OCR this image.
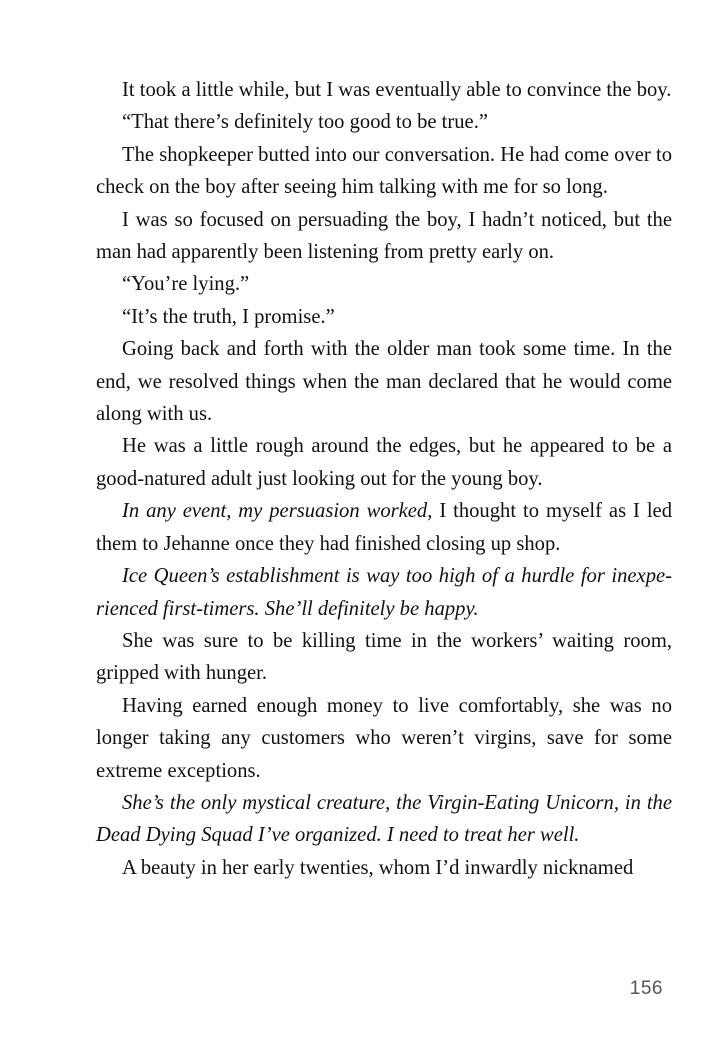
It took a little while, but I was eventually able to convince the boy.

“That there’s definitely too good to be true.”

The shopkeeper butted into our conversation. He had come over to check on the boy after seeing him talking with me for so long.

I was so focused on persuading the boy, I hadn’t noticed, but the man had apparently been listening from pretty early on.

“You’re lying.”

“It’s the truth, I promise.”

Going back and forth with the older man took some time. In the end, we resolved things when the man declared that he would come along with us.

He was a little rough around the edges, but he appeared to be a good-natured adult just looking out for the young boy.

In any event, my persuasion worked, I thought to myself as I led them to Jehanne once they had finished closing up shop.

Ice Queen’s establishment is way too high of a hurdle for inexperienced first-timers. She’ll definitely be happy.

She was sure to be killing time in the workers’ waiting room, gripped with hunger.

Having earned enough money to live comfortably, she was no longer taking any customers who weren’t virgins, save for some extreme exceptions.

She’s the only mystical creature, the Virgin-Eating Unicorn, in the Dead Dying Squad I’ve organized. I need to treat her well.

A beauty in her early twenties, whom I’d inwardly nicknamed

156
